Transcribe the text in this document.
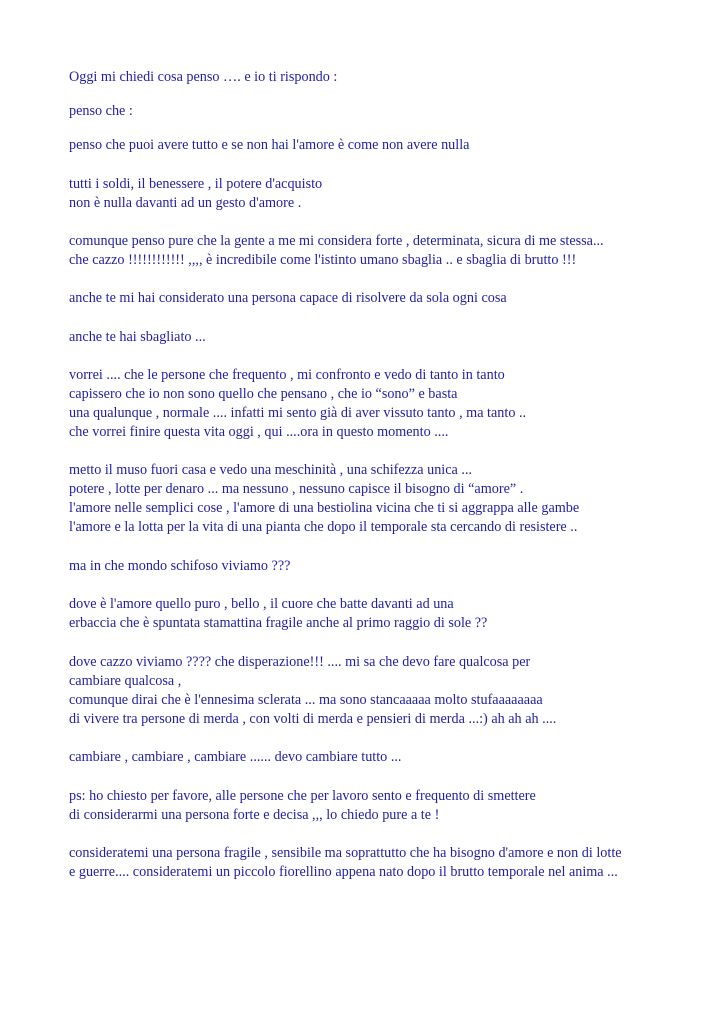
Oggi mi chiedi cosa penso …. e io ti rispondo :

penso che :

penso che puoi avere tutto e se non hai l'amore è come non avere nulla

tutti i soldi, il benessere , il potere d'acquisto

non è nulla davanti ad un gesto d'amore .

comunque penso pure che la gente a me mi considera forte , determinata, sicura di me stessa...

che cazzo !!!!!!!!!!!! ,,,, è incredibile come l'istinto umano sbaglia .. e sbaglia di brutto !!!

anche te mi hai considerato una persona capace di risolvere da sola ogni cosa

anche te hai sbagliato ...

vorrei .... che le persone che frequento , mi confronto e vedo di tanto in tanto

capissero che io non sono quello che pensano , che io “sono” e basta

una qualunque , normale .... infatti mi sento già di aver vissuto tanto , ma tanto ..

che vorrei finire questa vita oggi , qui ....ora in questo momento ....

metto il muso fuori casa e vedo una meschinità , una schifezza unica ...

potere , lotte per denaro ... ma nessuno , nessuno capisce il bisogno di “amore” .

l'amore nelle semplici cose , l'amore di una bestiolina vicina che ti si aggrappa alle gambe

l'amore e la lotta per la vita di una pianta che dopo il temporale sta cercando di resistere ..

ma in che mondo schifoso viviamo ???

dove è l'amore quello puro , bello , il cuore che batte davanti ad una

erbaccia che è spuntata stamattina fragile anche al primo raggio di sole ??

dove cazzo viviamo ???? che disperazione!!! .... mi sa che devo fare qualcosa per

cambiare qualcosa ,

comunque dirai che è l'ennesima sclerata ... ma sono stancaaaaa molto stufaaaaaaaa

di vivere tra persone di merda , con volti di merda e pensieri di merda ...:) ah ah ah ....

cambiare , cambiare , cambiare ...... devo cambiare tutto ...

ps: ho chiesto per favore, alle persone che per lavoro sento e frequento di smettere

di considerarmi una persona forte e decisa ,,, lo chiedo pure a te !

consideratemi una persona fragile , sensibile ma soprattutto che ha bisogno d'amore e non di lotte

e guerre.... consideratemi un piccolo fiorellino appena nato dopo il brutto temporale nel anima ...
